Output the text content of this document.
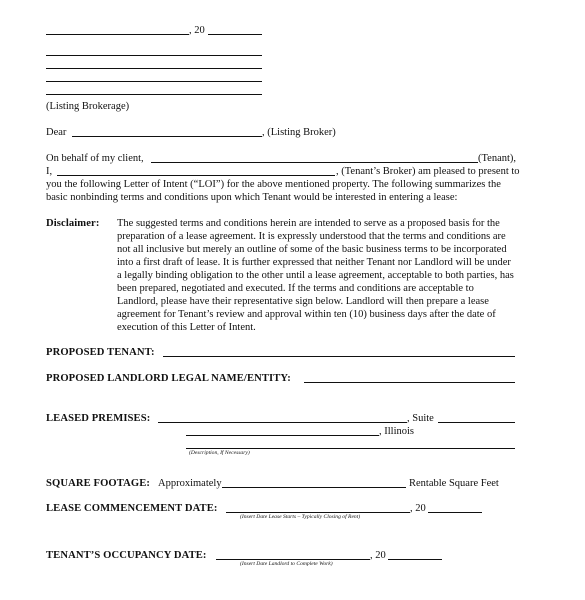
, 20
(Listing Brokerage)
Dear	, (Listing Broker)
On behalf of my client,	(Tenant),
I,	, (Tenant’s Broker) am pleased to present to
you the following Letter of Intent (“LOI”) for the above mentioned property. The following summarizes the
basic nonbinding terms and conditions upon which Tenant would be interested in entering a lease:
Disclaimer: The suggested terms and conditions herein are intended to serve as a proposed basis for the
preparation of a lease agreement. It is expressly understood that the terms and conditions are
not all inclusive but merely an outline of some of the basic business terms to be incorporated
into a first draft of lease. It is further expressed that neither Tenant nor Landlord will be under
a legally binding obligation to the other until a lease agreement, acceptable to both parties, has
been prepared, negotiated and executed. If the terms and conditions are acceptable to
Landlord, please have their representative sign below. Landlord will then prepare a lease
agreement for Tenant’s review and approval within ten (10) business days after the date of
execution of this Letter of Intent.
PROPOSED TENANT:
PROPOSED LANDLORD LEGAL NAME/ENTITY:
LEASED PREMISES:	, Suite
, Illinois
(Description, If Necessary)
SQUARE FOOTAGE: Approximately	Rentable Square Feet
LEASE COMMENCEMENT DATE:	, 20
(Insert Date Lease Starts – Typically Closing of Rent)
TENANT’S OCCUPANCY DATE:	, 20
(Insert Date Landlord to Complete Work)
